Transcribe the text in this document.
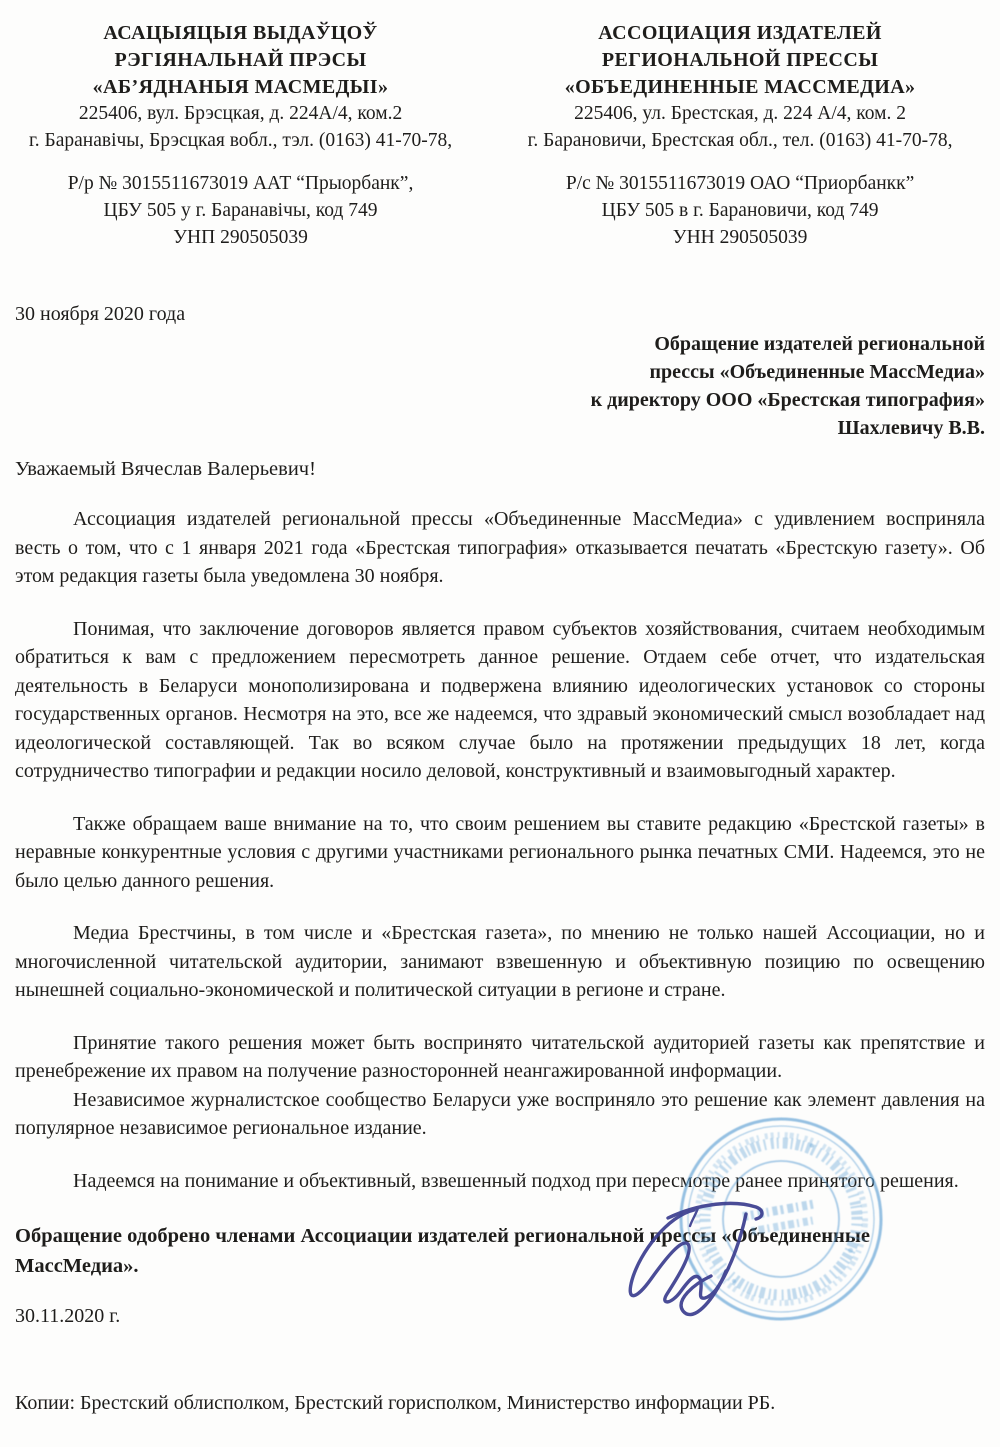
АСАЦЫЯЦЫЯ ВЫДАЎЦОЎ
РЭГІЯНАЛЬНАЙ ПРЭСЫ
«АБ’ЯДНАНЫЯ МАСМЕДЫІ»
225406, вул. Брэсцкая, д. 224А/4, ком.2
г. Баранавічы, Брэсцкая вобл., тэл. (0163) 41-70-78,
Р/р № 3015511673019 ААТ “Прыорбанк”,
ЦБУ 505 у г. Баранавічы, код 749
УНП 290505039
АССОЦИАЦИЯ ИЗДАТЕЛЕЙ
РЕГИОНАЛЬНОЙ ПРЕССЫ
«ОБЪЕДИНЕННЫЕ МАССМЕДИА»
225406, ул. Брестская, д. 224 А/4, ком. 2
г. Барановичи, Брестская обл., тел. (0163) 41-70-78,
Р/с № 3015511673019 ОАО “Приорбанкк”
ЦБУ 505 в г. Барановичи, код 749
УНН 290505039
30 ноября 2020 года
Обращение издателей региональной
прессы «Объединенные МассМедиа»
к директору ООО «Брестская типография»
Шахлевичу В.В.
Уважаемый Вячеслав Валерьевич!

Ассоциация издателей региональной прессы «Объединенные МассМедиа» с удивлением восприняла весть о том, что с 1 января 2021 года «Брестская типография» отказывается печатать «Брестскую газету». Об этом редакция газеты была уведомлена 30 ноября.

Понимая, что заключение договоров является правом субъектов хозяйствования, считаем необходимым обратиться к вам с предложением пересмотреть данное решение. Отдаем себе отчет, что издательская деятельность в Беларуси монополизирована и подвержена влиянию идеологических установок со стороны государственных органов. Несмотря на это, все же надеемся, что здравый экономический смысл возобладает над идеологической составляющей. Так во всяком случае было на протяжении предыдущих 18 лет, когда сотрудничество типографии и редакции носило деловой, конструктивный и взаимовыгодный характер.

Также обращаем ваше внимание на то, что своим решением вы ставите редакцию «Брестской газеты» в неравные конкурентные условия с другими участниками регионального рынка печатных СМИ. Надеемся, это не было целью данного решения.

Медиа Брестчины, в том числе и «Брестская газета», по мнению не только нашей Ассоциации, но и многочисленной читательской аудитории, занимают взвешенную и объективную позицию по освещению нынешней социально-экономической и политической ситуации в регионе и стране.

Принятие такого решения может быть воспринято читательской аудиторией газеты как препятствие и пренебрежение их правом на получение разносторонней неангажированной информации.

Независимое журналистское сообщество Беларуси уже восприняло это решение как элемент давления на популярное независимое региональное издание.

Надеемся на понимание и объективный, взвешенный подход при пересмотре ранее принятого решения.

Обращение одобрено членами Ассоциации издателей региональной прессы «Объединенные МассМедиа».
30.11.2020 г.
Копии: Брестский облисполком, Брестский горисполком, Министерство информации РБ.
